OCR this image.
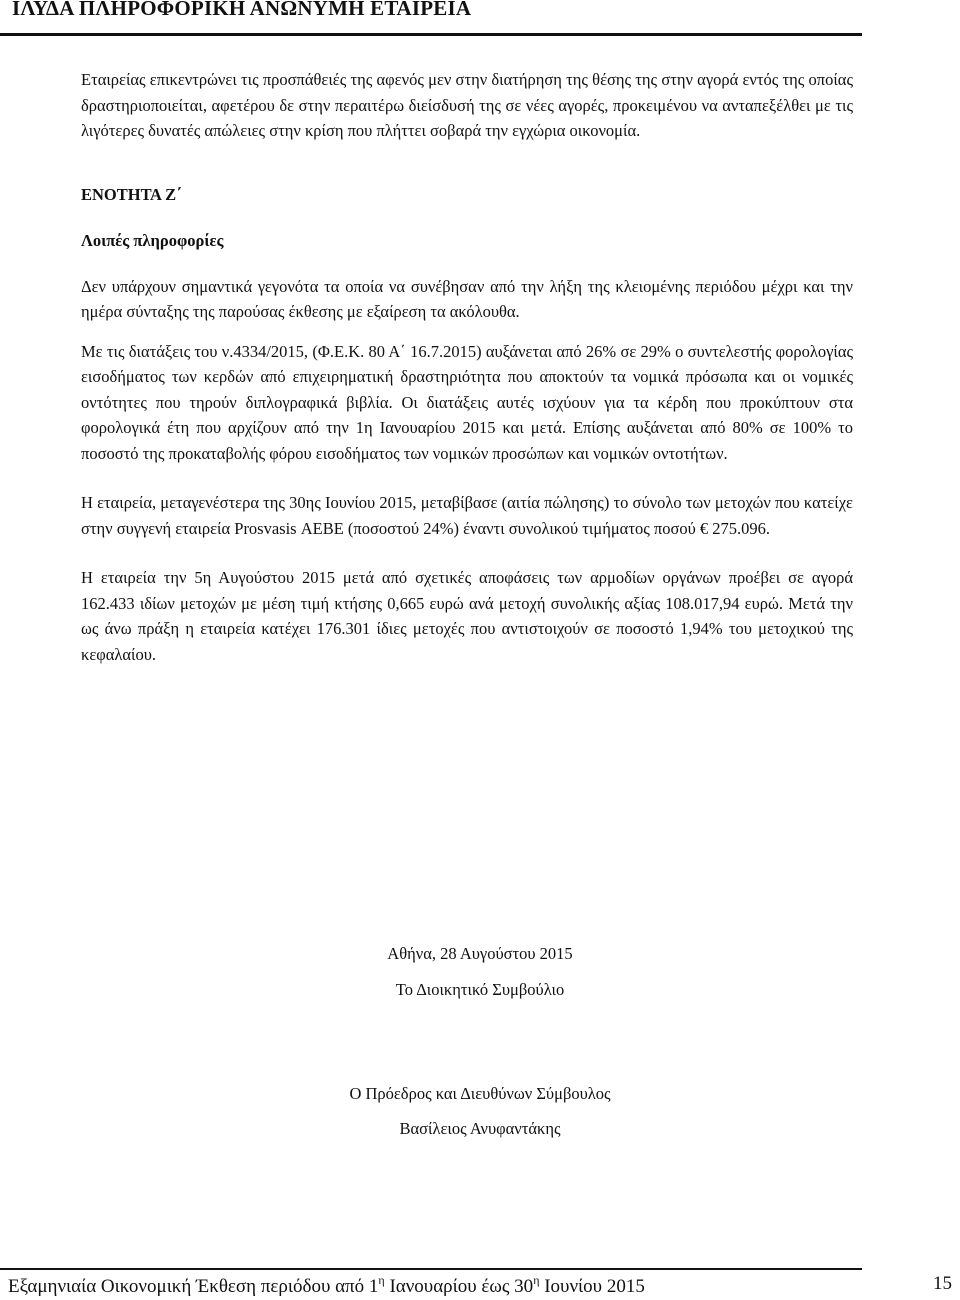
ΙΛΥΔΑ ΠΛΗΡΟΦΟΡΙΚΗ ΑΝΩΝΥΜΗ ΕΤΑΙΡΕΙΑ

Εταιρείας επικεντρώνει τις προσπάθειές της αφενός μεν στην διατήρηση της θέσης της στην αγορά εντός της οποίας δραστηριοποιείται, αφετέρου δε στην περαιτέρω διείσδυσή της σε νέες αγορές, προκειμένου να ανταπεξέλθει με τις λιγότερες δυνατές απώλειες στην κρίση που πλήττει σοβαρά την εγχώρια οικονομία.

ΕΝΟΤΗΤΑ Ζ΄

Λοιπές πληροφορίες

Δεν υπάρχουν σημαντικά γεγονότα τα οποία να συνέβησαν από την λήξη της κλειομένης περιόδου μέχρι και την ημέρα σύνταξης της παρούσας έκθεσης με εξαίρεση τα ακόλουθα.

Με τις διατάξεις του ν.4334/2015, (Φ.Ε.Κ. 80 Α΄ 16.7.2015) αυξάνεται από 26% σε 29% ο συντελεστής φορολογίας εισοδήματος των κερδών από επιχειρηματική δραστηριότητα που αποκτούν τα νομικά πρόσωπα και οι νομικές οντότητες που τηρούν διπλογραφικά βιβλία. Οι διατάξεις αυτές ισχύουν για τα κέρδη που προκύπτουν στα φορολογικά έτη που αρχίζουν από την 1η Ιανουαρίου 2015 και μετά. Επίσης αυξάνεται από 80% σε 100% το ποσοστό της προκαταβολής φόρου εισοδήματος των νομικών προσώπων και νομικών οντοτήτων.

Η εταιρεία, μεταγενέστερα της 30ης Ιουνίου 2015, μεταβίβασε (αιτία πώλησης) το σύνολο των μετοχών που κατείχε στην συγγενή εταιρεία Prosvasis ΑΕΒΕ (ποσοστού 24%) έναντι συνολικού τιμήματος ποσού € 275.096.

Η εταιρεία την 5η Αυγούστου 2015 μετά από σχετικές αποφάσεις των αρμοδίων οργάνων προέβει σε αγορά 162.433 ιδίων μετοχών με μέση τιμή κτήσης 0,665 ευρώ ανά μετοχή συνολικής αξίας 108.017,94 ευρώ. Μετά την ως άνω πράξη η εταιρεία κατέχει 176.301 ίδιες μετοχές που αντιστοιχούν σε ποσοστό 1,94% του μετοχικού της κεφαλαίου.

Αθήνα, 28 Αυγούστου 2015
Το Διοικητικό Συμβούλιο
Ο Πρόεδρος και Διευθύνων Σύμβουλος
Βασίλειος Ανυφαντάκης
Εξαμηνιαία Οικονομική Έκθεση περιόδου από $1^\eta$ Ιανουαρίου έως $30^\eta$ Ιουνίου 2015	15
